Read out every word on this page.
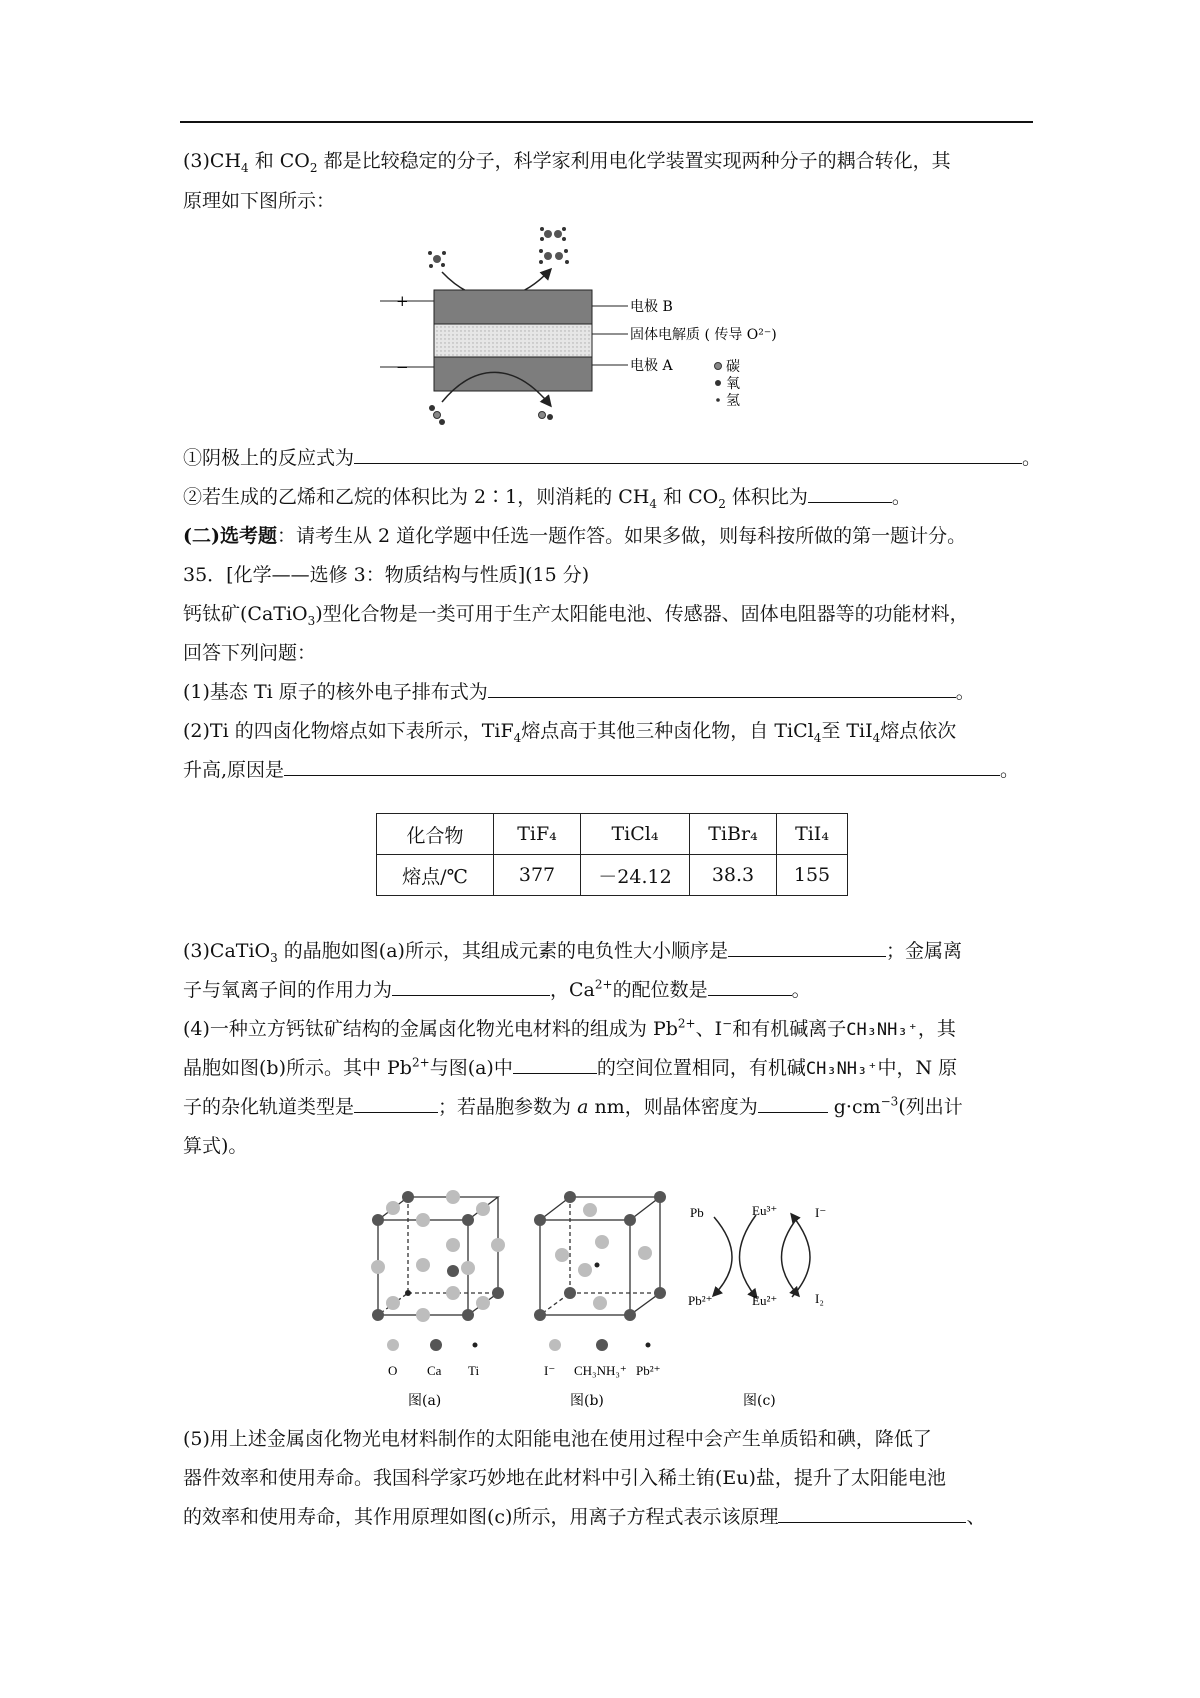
$(3)CH_4$ 和 $CO_2$ 都是比较稳定的分子，科学家利用电化学装置实现两种分子的耦合转化，其
原理如下图所示：
+
−
电极 B
固体电解质 ( 传导 O²⁻)
电极 A	碳
氧
氢
①阴极上的反应式为	。
②若生成的乙烯和乙烷的体积比为 2∶1，则消耗的 $CH_4$ 和 $CO_2$ 体积比为	。
(二)选考题：请考生从 2 道化学题中任选一题作答。如果多做，则每科按所做的第一题计分。
35．[化学——选修 3：物质结构与性质](15 分)
钙钛矿(CaTiO$_3$)型化合物是一类可用于生产太阳能电池、传感器、固体电阻器等的功能材料，
回答下列问题：
(1)基态 Ti 原子的核外电子排布式为	。
(2)Ti 的四卤化物熔点如下表所示，TiF$_4$熔点高于其他三种卤化物，自 TiCl$_4$至 TiI$_4$熔点依次
升高,原因是	。
化合物	TiF₄	TiCl₄	TiBr₄	TiI₄
熔点/℃	377	－24.12	38.3	155
(3)CaTiO$_3$ 的晶胞如图(a)所示，其组成元素的电负性大小顺序是	；金属离
子与氧离子间的作用力为	，$Ca^{2+}$的配位数是	。
(4)一种立方钙钛矿结构的金属卤化物光电材料的组成为 $Pb^{2+}$、I−和有机碱离子CH₃NH₃⁺，其
晶胞如图(b)所示。其中 $Pb^{2+}$与图(a)中	的空间位置相同，有机碱CH₃NH₃⁺中，N 原
子的杂化轨道类型是	；若晶胞参数为 a nm，则晶体密度为	$g\cdot cm^{-3}$(列出计
算式)。
O Ca Ti
图(a)
I⁻ CH₃NH₃⁺ Pb²⁺
图(b)
Pb	Eu³⁺	I⁻
Pb²⁺	Eu²⁺	I₂
图(c)
(5)用上述金属卤化物光电材料制作的太阳能电池在使用过程中会产生单质铅和碘，降低了
器件效率和使用寿命。我国科学家巧妙地在此材料中引入稀土铕(Eu)盐，提升了太阳能电池
的效率和使用寿命，其作用原理如图(c)所示，用离子方程式表示该原理	、
